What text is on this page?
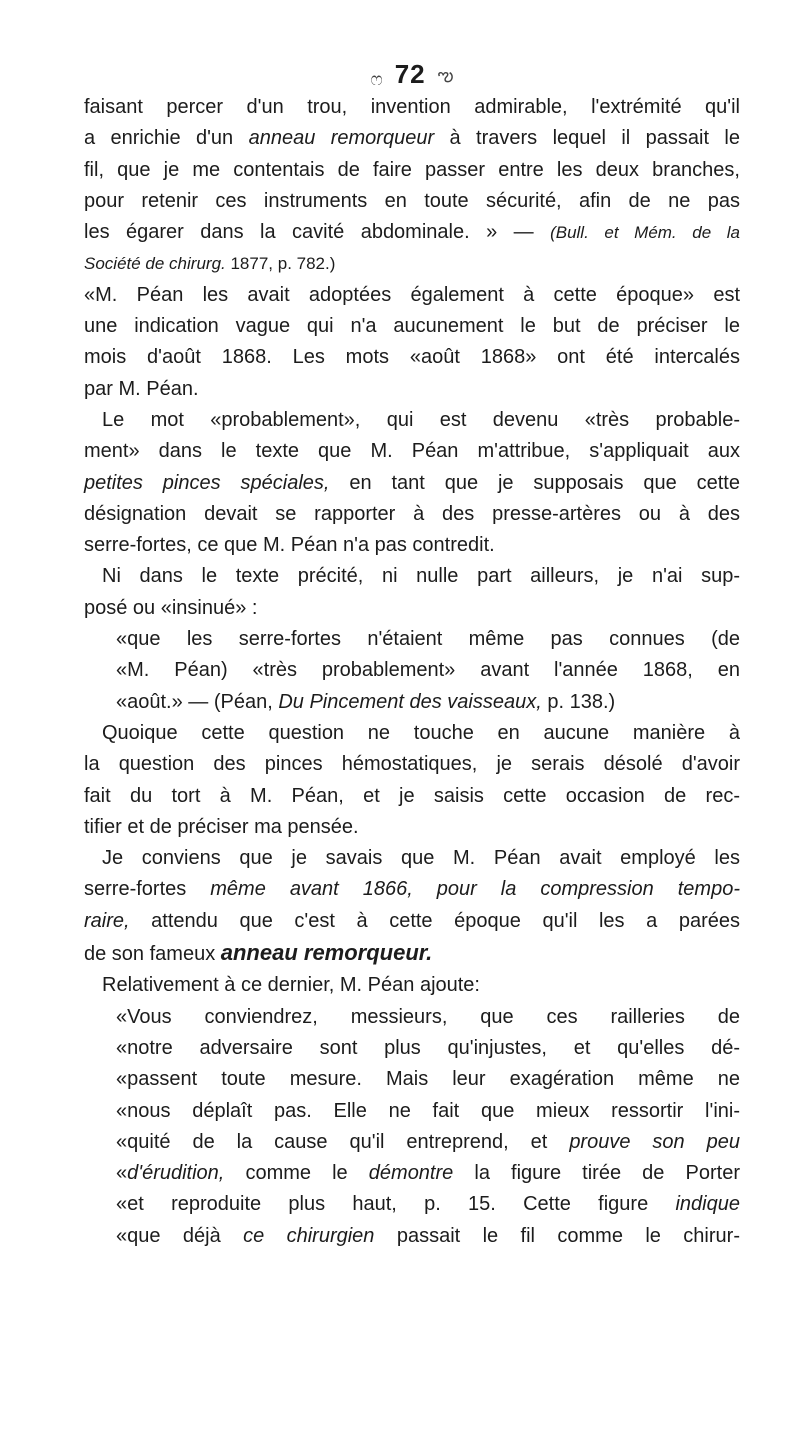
ෆ 72 ఌ
faisant percer d'un trou, invention admirable, l'extrémité qu'il
a enrichie d'un anneau remorqueur à travers lequel il passait le
fil, que je me contentais de faire passer entre les deux branches,
pour retenir ces instruments en toute sécurité, afin de ne pas
les égarer dans la cavité abdominale. » — (Bull. et Mém. de la
Société de chirurg. 1877, p. 782.)
«M. Péan les avait adoptées également à cette époque» est
une indication vague qui n'a aucunement le but de préciser le
mois d'août 1868. Les mots «août 1868» ont été intercalés
par M. Péan.
Le mot «probablement», qui est devenu «très probable-
ment» dans le texte que M. Péan m'attribue, s'appliquait aux
petites pinces spéciales, en tant que je supposais que cette
désignation devait se rapporter à des presse-artères ou à des
serre-fortes, ce que M. Péan n'a pas contredit.
Ni dans le texte précité, ni nulle part ailleurs, je n'ai sup-
posé ou «insinué» :
«que les serre-fortes n'étaient même pas connues (de
«M. Péan) «très probablement» avant l'année 1868, en
«août.» — (Péan, Du Pincement des vaisseaux, p. 138.)
Quoique cette question ne touche en aucune manière à
la question des pinces hémostatiques, je serais désolé d'avoir
fait du tort à M. Péan, et je saisis cette occasion de rec-
tifier et de préciser ma pensée.
Je conviens que je savais que M. Péan avait employé les
serre-fortes même avant 1866, pour la compression tempo-
raire, attendu que c'est à cette époque qu'il les a parées
de son fameux anneau remorqueur.
Relativement à ce dernier, M. Péan ajoute:
«Vous conviendrez, messieurs, que ces railleries de
«notre adversaire sont plus qu'injustes, et qu'elles dé-
«passent toute mesure. Mais leur exagération même ne
«nous déplaît pas. Elle ne fait que mieux ressortir l'ini-
«quité de la cause qu'il entreprend, et prouve son peu
«d'érudition, comme le démontre la figure tirée de Porter
«et reproduite plus haut, p. 15. Cette figure indique
«que déjà ce chirurgien passait le fil comme le chirur-
